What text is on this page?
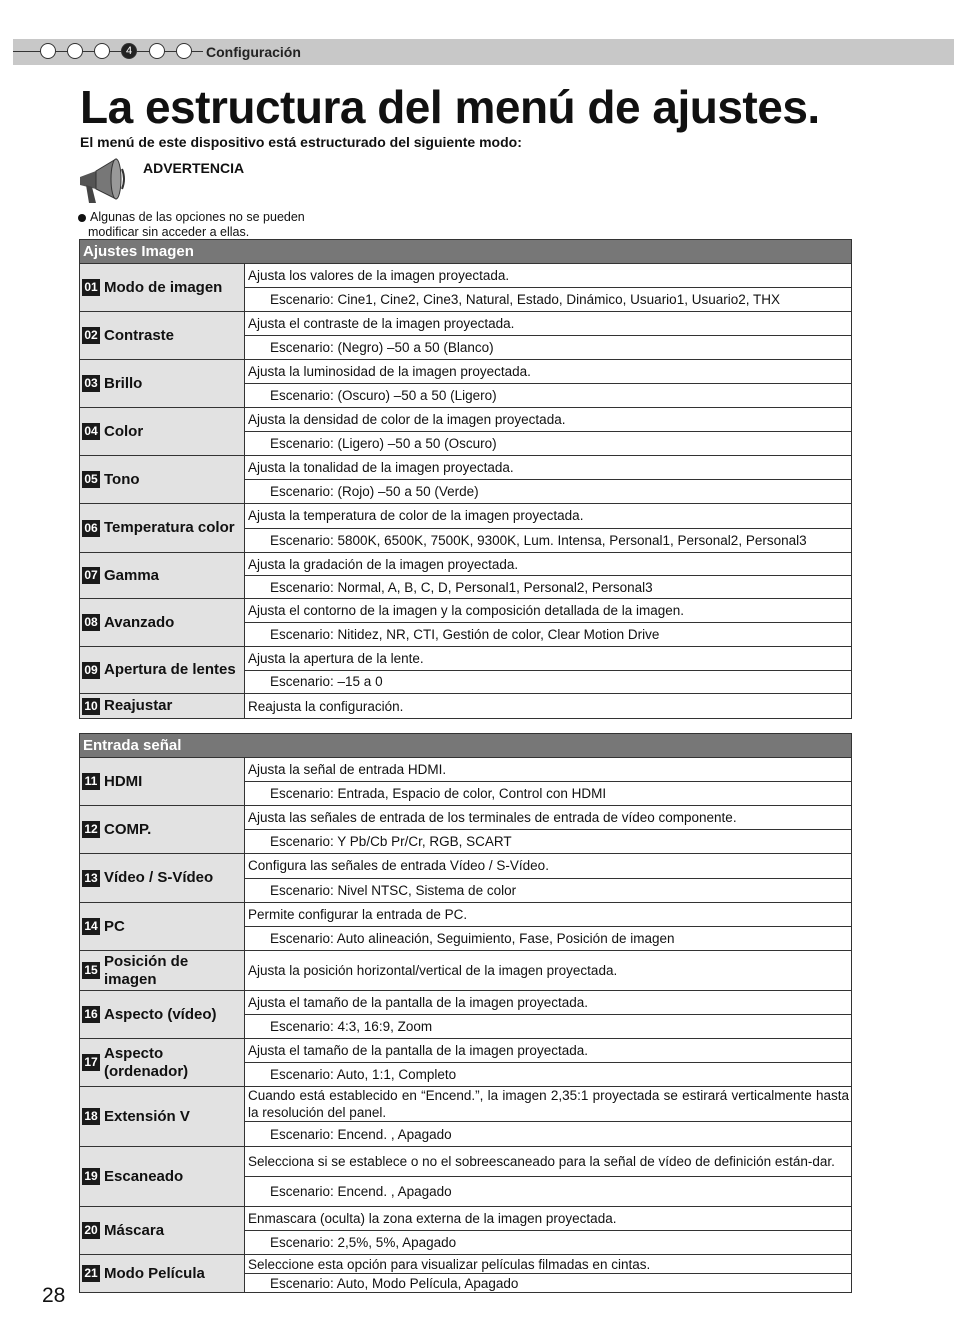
4	Configuración
La estructura del menú de ajustes.
El menú de este dispositivo está estructurado del siguiente modo:
ADVERTENCIA
Algunas de las opciones no se pueden
modificar sin acceder a ellas.
Ajustes Imagen
01 Modo de imagen
Ajusta los valores de la imagen proyectada.
Escenario: Cine1, Cine2, Cine3, Natural, Estado, Dinámico, Usuario1, Usuario2, THX
02 Contraste
Ajusta el contraste de la imagen proyectada.
Escenario: (Negro) –50 a 50 (Blanco)
03 Brillo
Ajusta la luminosidad de la imagen proyectada.
Escenario: (Oscuro) –50 a 50 (Ligero)
04 Color
Ajusta la densidad de color de la imagen proyectada.
Escenario: (Ligero) –50 a 50 (Oscuro)
05 Tono
Ajusta la tonalidad de la imagen proyectada.
Escenario: (Rojo) –50 a 50 (Verde)
06 Temperatura color
Ajusta la temperatura de color de la imagen proyectada.
Escenario: 5800K, 6500K, 7500K, 9300K, Lum. Intensa, Personal1, Personal2, Personal3
07 Gamma
Ajusta la gradación de la imagen proyectada.
Escenario: Normal, A, B, C, D, Personal1, Personal2, Personal3
08 Avanzado
Ajusta el contorno de la imagen y la composición detallada de la imagen.
Escenario: Nitidez, NR, CTI, Gestión de color, Clear Motion Drive
09 Apertura de lentes
Ajusta la apertura de la lente.
Escenario: –15 a 0
10 Reajustar	Reajusta la configuración.
Entrada señal
11 HDMI
Ajusta la señal de entrada HDMI.
Escenario: Entrada, Espacio de color, Control con HDMI
12 COMP.
Ajusta las señales de entrada de los terminales de entrada de vídeo componente.
Escenario: Y Pb/Cb Pr/Cr, RGB, SCART
13 Vídeo / S-Vídeo
Configura las señales de entrada Vídeo / S-Vídeo.
Escenario: Nivel NTSC, Sistema de color
14 PC
Permite configurar la entrada de PC.
Escenario: Auto alineación, Seguimiento, Fase, Posición de imagen
15
Posición de imagen	Ajusta la posición horizontal/vertical de la imagen proyectada.
16 Aspecto (vídeo)
Ajusta el tamaño de la pantalla de la imagen proyectada.
Escenario: 4:3, 16:9, Zoom
17
Aspecto (ordenador)
Ajusta el tamaño de la pantalla de la imagen proyectada.
Escenario: Auto, 1:1, Completo
18 Extensión V
Cuando está establecido en “Encend.”, la imagen 2,35:1 proyectada se estirará verticalmente hasta la resolución del panel.
Escenario: Encend. , Apagado
19 Escaneado
Selecciona si se establece o no el sobreescaneado para la señal de vídeo de definición están-dar.
Escenario: Encend. , Apagado
20 Máscara
Enmascara (oculta) la zona externa de la imagen proyectada.
Escenario: 2,5%, 5%, Apagado
21 Modo Película
Seleccione esta opción para visualizar películas filmadas en cintas.
Escenario: Auto, Modo Película, Apagado
28
